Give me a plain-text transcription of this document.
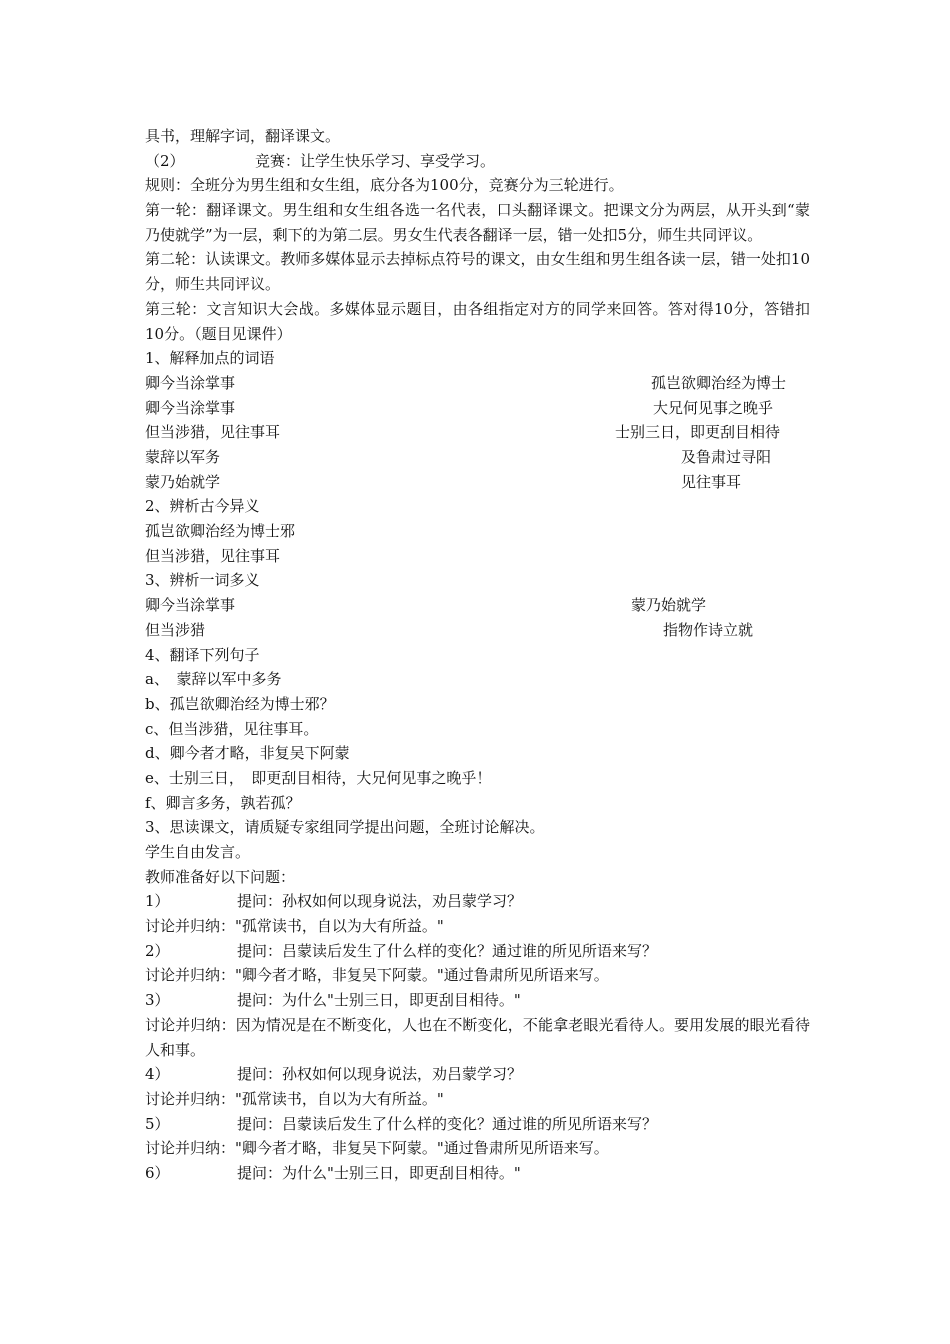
具书，理解字词，翻译课文。
（2）	竞赛：让学生快乐学习、享受学习。
规则：全班分为男生组和女生组，底分各为100分，竞赛分为三轮进行。
第一轮：翻译课文。男生组和女生组各选一名代表，口头翻译课文。把课文分为两层，从开头到“蒙乃使就学”为一层，剩下的为第二层。男女生代表各翻译一层，错一处扣5分，师生共同评议。
第二轮：认读课文。教师多媒体显示去掉标点符号的课文，由女生组和男生组各读一层，错一处扣10分，师生共同评议。
第三轮：文言知识大会战。多媒体显示题目，由各组指定对方的同学来回答。答对得10分，答错扣10分。（题目见课件）
1、解释加点的词语
卿今当涂掌事	孤岂欲卿治经为博士
卿今当涂掌事	大兄何见事之晚乎
但当涉猎，见往事耳	士别三日，即更刮目相待
蒙辞以军务	及鲁肃过寻阳
蒙乃始就学	见往事耳
2、辨析古今异义
孤岂欲卿治经为博士邪
但当涉猎，见往事耳
3、辨析一词多义
卿今当涂掌事	蒙乃始就学
但当涉猎	指物作诗立就
4、翻译下列句子
a、　蒙辞以军中多务
b、孤岂欲卿治经为博士邪？
c、但当涉猎，见往事耳。
d、卿今者才略，非复吴下阿蒙
e、士别三日，　即更刮目相待，大兄何见事之晚乎！
f、卿言多务，孰若孤？
3、思读课文，请质疑专家组同学提出问题，全班讨论解决。
学生自由发言。
教师准备好以下问题：
1）	提问：孙权如何以现身说法，劝吕蒙学习？
讨论并归纳："孤常读书，自以为大有所益。"
2）	提问：吕蒙读后发生了什么样的变化？通过谁的所见所语来写？
讨论并归纳："卿今者才略，非复吴下阿蒙。"通过鲁肃所见所语来写。
3）	提问：为什么"士别三日，即更刮目相待。"
讨论并归纳：因为情况是在不断变化，人也在不断变化，不能拿老眼光看待人。要用发展的眼光看待人和事。
4）	提问：孙权如何以现身说法，劝吕蒙学习？
讨论并归纳："孤常读书，自以为大有所益。"
5）	提问：吕蒙读后发生了什么样的变化？通过谁的所见所语来写？
讨论并归纳："卿今者才略，非复吴下阿蒙。"通过鲁肃所见所语来写。
6）	提问：为什么"士别三日，即更刮目相待。"
